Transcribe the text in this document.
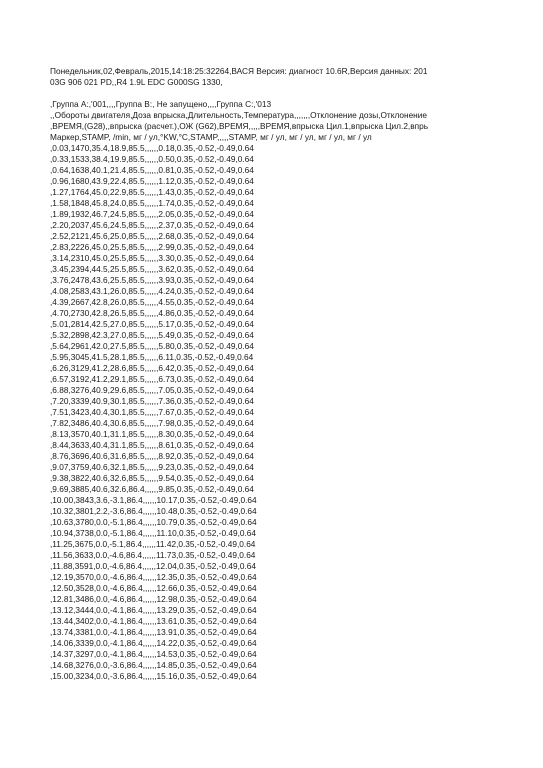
Понедельник,02,Февраль,2015,14:18:25:32264,ВАСЯ Версия: диагност 10.6R,Версия данных: 201
03G 906 021 PD,,R4 1.9L EDC G000SG 1330,
,Группа A:,'001,,,,Группа B:, Не запущено,,,,Группа C:,'013
,,Обороты двигателя,Доза впрыска,Длительность,Температура,,,,,,,Отклонение дозы,Отклонение
,ВРЕМЯ,(G28),,впрыска (расчет.),ОЖ (G62),ВРЕМЯ,,,,,ВРЕМЯ,впрыска Цил.1,впрыска Цил.2,впрь
Маркер,STAMP, /min, мг / ул,°KW,°C,STAMP,,,,,STAMP, мг / ул, мг / ул, мг / ул, мг / ул
,0.03,1470,35.4,18.9,85.5,,,,,,0.18,0.35,-0.52,-0.49,0.64
,0.33,1533,38.4,19.9,85.5,,,,,,0.50,0.35,-0.52,-0.49,0.64
,0.64,1638,40.1,21.4,85.5,,,,,,0.81,0.35,-0.52,-0.49,0.64
,0.96,1680,43.9,22.4,85.5,,,,,,1.12,0.35,-0.52,-0.49,0.64
,1.27,1764,45.0,22.9,85.5,,,,,,1.43,0.35,-0.52,-0.49,0.64
,1.58,1848,45.8,24.0,85.5,,,,,,1.74,0.35,-0.52,-0.49,0.64
,1.89,1932,46.7,24.5,85.5,,,,,,2.05,0.35,-0.52,-0.49,0.64
,2.20,2037,45.6,24.5,85.5,,,,,,2.37,0.35,-0.52,-0.49,0.64
,2.52,2121,45.6,25.0,85.5,,,,,,2.68,0.35,-0.52,-0.49,0.64
,2.83,2226,45.0,25.5,85.5,,,,,,2.99,0.35,-0.52,-0.49,0.64
,3.14,2310,45.0,25.5,85.5,,,,,,3.30,0.35,-0.52,-0.49,0.64
,3.45,2394,44.5,25.5,85.5,,,,,,3.62,0.35,-0.52,-0.49,0.64
,3.76,2478,43.6,25.5,85.5,,,,,,3.93,0.35,-0.52,-0.49,0.64
,4.08,2583,43.1,26.0,85.5,,,,,,4.24,0.35,-0.52,-0.49,0.64
,4.39,2667,42.8,26.0,85.5,,,,,,4.55,0.35,-0.52,-0.49,0.64
,4.70,2730,42.8,26.5,85.5,,,,,,4.86,0.35,-0.52,-0.49,0.64
,5.01,2814,42.5,27.0,85.5,,,,,,5.17,0.35,-0.52,-0.49,0.64
,5.32,2898,42.3,27.0,85.5,,,,,,5.49,0.35,-0.52,-0.49,0.64
,5.64,2961,42.0,27.5,85.5,,,,,,5.80,0.35,-0.52,-0.49,0.64
,5.95,3045,41.5,28.1,85.5,,,,,,6.11,0.35,-0.52,-0.49,0.64
,6.26,3129,41.2,28.6,85.5,,,,,,6.42,0.35,-0.52,-0.49,0.64
,6.57,3192,41.2,29.1,85.5,,,,,,6.73,0.35,-0.52,-0.49,0.64
,6.88,3276,40.9,29.6,85.5,,,,,,7.05,0.35,-0.52,-0.49,0.64
,7.20,3339,40.9,30.1,85.5,,,,,,7.36,0.35,-0.52,-0.49,0.64
,7.51,3423,40.4,30.1,85.5,,,,,,7.67,0.35,-0.52,-0.49,0.64
,7.82,3486,40.4,30.6,85.5,,,,,,7.98,0.35,-0.52,-0.49,0.64
,8.13,3570,40.1,31.1,85.5,,,,,,8.30,0.35,-0.52,-0.49,0.64
,8.44,3633,40.4,31.1,85.5,,,,,,8.61,0.35,-0.52,-0.49,0.64
,8.76,3696,40.6,31.6,85.5,,,,,,8.92,0.35,-0.52,-0.49,0.64
,9.07,3759,40.6,32.1,85.5,,,,,,9.23,0.35,-0.52,-0.49,0.64
,9.38,3822,40.6,32.6,85.5,,,,,,9.54,0.35,-0.52,-0.49,0.64
,9.69,3885,40.6,32.6,86.4,,,,,,9.85,0.35,-0.52,-0.49,0.64
,10.00,3843,3.6,-3.1,86.4,,,,,,10.17,0.35,-0.52,-0.49,0.64
,10.32,3801,2.2,-3.6,86.4,,,,,,10.48,0.35,-0.52,-0.49,0.64
,10.63,3780,0.0,-5.1,86.4,,,,,,10.79,0.35,-0.52,-0.49,0.64
,10.94,3738,0.0,-5.1,86.4,,,,,,11.10,0.35,-0.52,-0.49,0.64
,11.25,3675,0.0,-5.1,86.4,,,,,,11.42,0.35,-0.52,-0.49,0.64
,11.56,3633,0.0,-4.6,86.4,,,,,,11.73,0.35,-0.52,-0.49,0.64
,11.88,3591,0.0,-4.6,86.4,,,,,,12.04,0.35,-0.52,-0.49,0.64
,12.19,3570,0.0,-4.6,86.4,,,,,,12.35,0.35,-0.52,-0.49,0.64
,12.50,3528,0.0,-4.6,86.4,,,,,,12.66,0.35,-0.52,-0.49,0.64
,12.81,3486,0.0,-4.6,86.4,,,,,,12.98,0.35,-0.52,-0.49,0.64
,13.12,3444,0.0,-4.1,86.4,,,,,,13.29,0.35,-0.52,-0.49,0.64
,13.44,3402,0.0,-4.1,86.4,,,,,,13.61,0.35,-0.52,-0.49,0.64
,13.74,3381,0.0,-4.1,86.4,,,,,,13.91,0.35,-0.52,-0.49,0.64
,14.06,3339,0.0,-4.1,86.4,,,,,,14.22,0.35,-0.52,-0.49,0.64
,14.37,3297,0.0,-4.1,86.4,,,,,,14.53,0.35,-0.52,-0.49,0.64
,14.68,3276,0.0,-3.6,86.4,,,,,,14.85,0.35,-0.52,-0.49,0.64
,15.00,3234,0.0,-3.6,86.4,,,,,,15.16,0.35,-0.52,-0.49,0.64
